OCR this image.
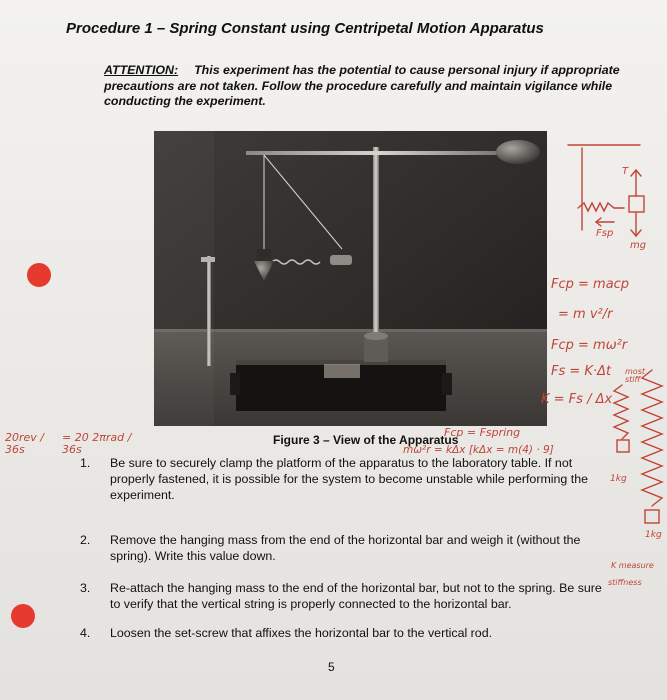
Procedure 1 – Spring Constant using Centripetal Motion Apparatus
ATTENTION: This experiment has the potential to cause personal injury if appropriate precautions are not taken. Follow the procedure carefully and maintain vigilance while conducting the experiment.
Figure 3 – View of the Apparatus
1.	Be sure to securely clamp the platform of the apparatus to the laboratory table. If not properly fastened, it is possible for the system to become unstable while performing the experiment.
2.	Remove the hanging mass from the end of the horizontal bar and weigh it (without the spring). Write this value down.
3.	Re-attach the hanging mass to the end of the horizontal bar, but not to the spring. Be sure to verify that the vertical string is properly connected to the horizontal bar.
4.	Loosen the set-screw that affixes the horizontal bar to the vertical rod.
5
T
Fsp
mg
Fcp = macp
= m v²/r
Fcp = mω²r
Fs = K·Δt
K = Fs / Δx
Fcp = Fspring
mω²r = kΔx [kΔx = m(4) · 9]
20rev / 36s
= 20 2πrad / 36s
most stiff
1kg
1kg
K measure
stiffness
